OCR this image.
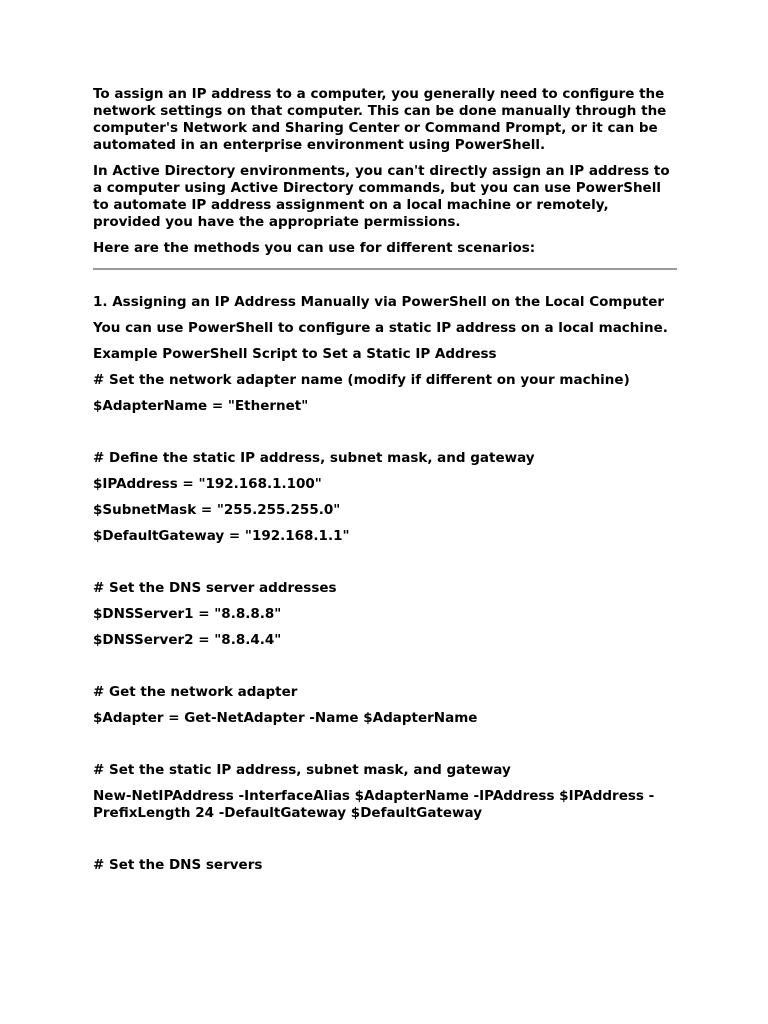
To assign an IP address to a computer, you generally need to configure the network settings on that computer. This can be done manually through the computer's Network and Sharing Center or Command Prompt, or it can be automated in an enterprise environment using PowerShell.

In Active Directory environments, you can't directly assign an IP address to a computer using Active Directory commands, but you can use PowerShell to automate IP address assignment on a local machine or remotely, provided you have the appropriate permissions.

Here are the methods you can use for different scenarios:

1. Assigning an IP Address Manually via PowerShell on the Local Computer

You can use PowerShell to configure a static IP address on a local machine.

Example PowerShell Script to Set a Static IP Address

# Set the network adapter name (modify if different on your machine)

$AdapterName = "Ethernet"

# Define the static IP address, subnet mask, and gateway

$IPAddress = "192.168.1.100"

$SubnetMask = "255.255.255.0"

$DefaultGateway = "192.168.1.1"

# Set the DNS server addresses

$DNSServer1 = "8.8.8.8"

$DNSServer2 = "8.8.4.4"

# Get the network adapter

$Adapter = Get-NetAdapter -Name $AdapterName

# Set the static IP address, subnet mask, and gateway

New-NetIPAddress -InterfaceAlias $AdapterName -IPAddress $IPAddress -PrefixLength 24 -DefaultGateway $DefaultGateway

# Set the DNS servers
